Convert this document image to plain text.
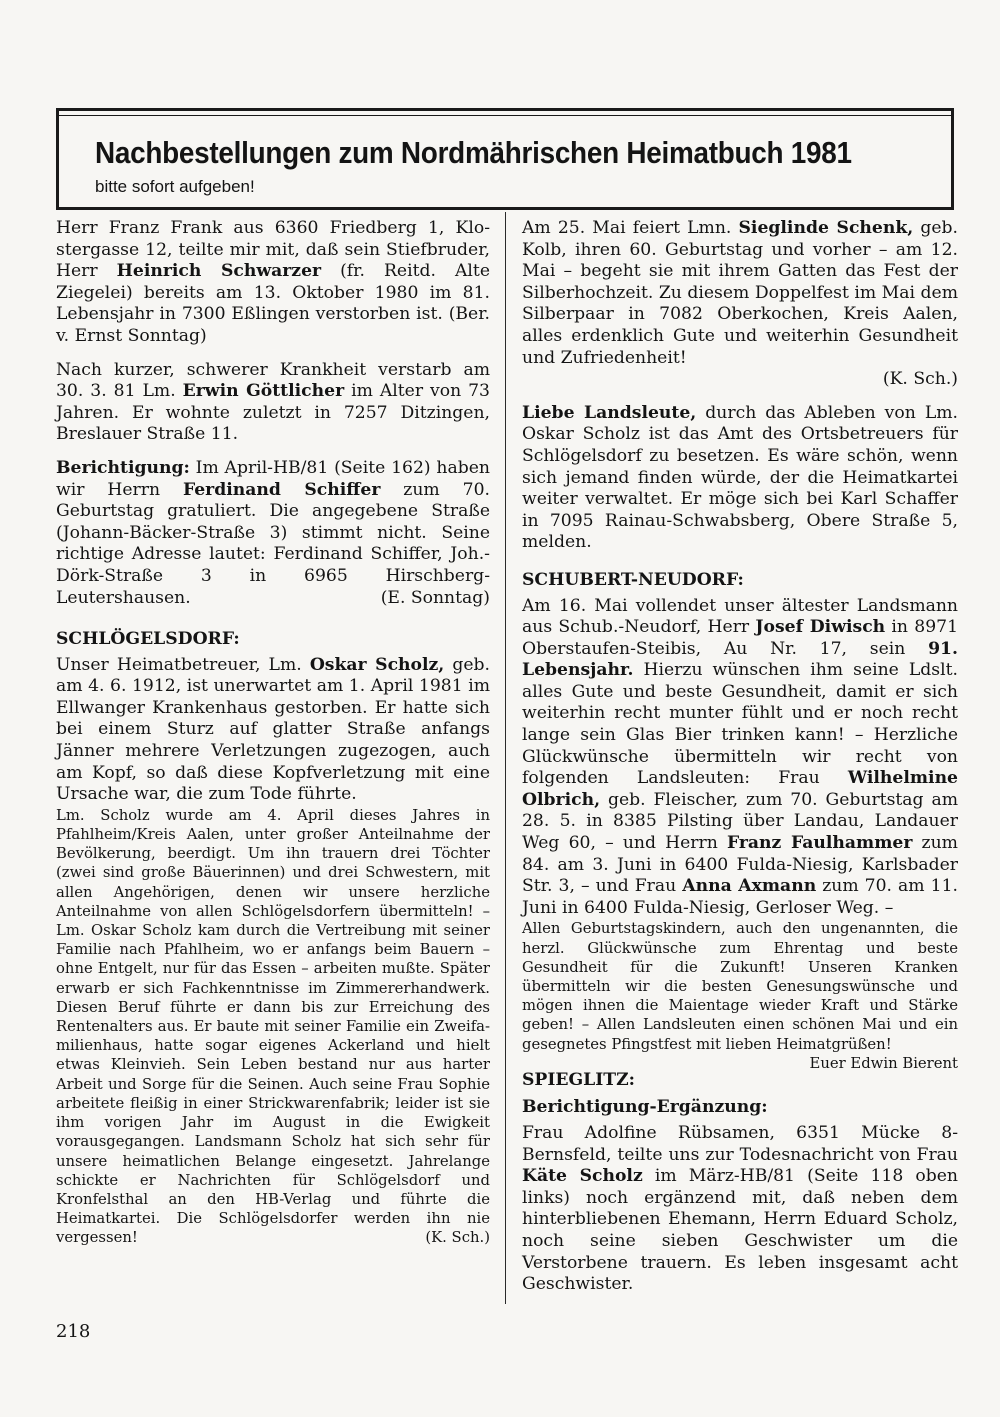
Nachbestellungen zum Nordmährischen Heimatbuch 1981
bitte sofort aufgeben!

Herr Franz Frank aus 6360 Friedberg 1, Klostergasse 12, teilte mir mit, daß sein Stiefbruder, Herr Heinrich Schwarzer (fr. Reitd. Alte Ziegelei) bereits am 13. Oktober 1980 im 81. Lebensjahr in 7300 Eßlingen verstorben ist. (Ber. v. Ernst Sonntag)

Nach kurzer, schwerer Krankheit verstarb am 30. 3. 81 Lm. Erwin Göttlicher im Alter von 73 Jahren. Er wohnte zuletzt in 7257 Ditzingen, Breslauer Straße 11.

Berichtigung: Im April-HB/81 (Seite 162) haben wir Herrn Ferdinand Schiffer zum 70. Geburtstag gratuliert. Die angegebene Straße (Johann-Bäcker-Straße 3) stimmt nicht. Seine richtige Adresse lautet: Ferdinand Schiffer, Joh.-Dörk-Straße 3 in 6965 Hirschberg-Leutershausen.	(E. Sonntag)

SCHLÖGELSDORF:

Unser Heimatbetreuer, Lm. Oskar Scholz, geb. am 4. 6. 1912, ist unerwartet am 1. April 1981 im Ellwanger Krankenhaus gestorben. Er hatte sich bei einem Sturz auf glatter Straße anfangs Jänner mehrere Verletzungen zugezogen, auch am Kopf, so daß diese Kopfverletzung mit eine Ursache war, die zum Tode führte.

Lm. Scholz wurde am 4. April dieses Jahres in Pfahlheim/Kreis Aalen, unter großer Anteilnahme der Bevölkerung, beerdigt. Um ihn trauern drei Töchter (zwei sind große Bäuerinnen) und drei Schwestern, mit allen Angehörigen, denen wir unsere herzliche Anteilnahme von allen Schlögelsdorfern übermitteln! – Lm. Oskar Scholz kam durch die Vertreibung mit seiner Familie nach Pfahlheim, wo er anfangs beim Bauern – ohne Entgelt, nur für das Essen – arbeiten mußte. Später erwarb er sich Fachkenntnisse im Zimmererhandwerk. Diesen Beruf führte er dann bis zur Erreichung des Rentenalters aus. Er baute mit seiner Familie ein Zweifamilienhaus, hatte sogar eigenes Ackerland und hielt etwas Kleinvieh. Sein Leben bestand nur aus harter Arbeit und Sorge für die Seinen. Auch seine Frau Sophie arbeitete fleißig in einer Strickwarenfabrik; leider ist sie ihm vorigen Jahr im August in die Ewigkeit vorausgegangen. Landsmann Scholz hat sich sehr für unsere heimatlichen Belange eingesetzt. Jahrelange schickte er Nachrichten für Schlögelsdorf und Kronfelsthal an den HB-Verlag und führte die Heimatkartei. Die Schlögelsdorfer werden ihn nie vergessen!	(K. Sch.)

Am 25. Mai feiert Lmn. Sieglinde Schenk, geb. Kolb, ihren 60. Geburtstag und vorher – am 12. Mai – begeht sie mit ihrem Gatten das Fest der Silberhochzeit. Zu diesem Doppelfest im Mai dem Silberpaar in 7082 Oberkochen, Kreis Aalen, alles erdenklich Gute und weiterhin Gesundheit und Zufriedenheit!

(K. Sch.)

Liebe Landsleute, durch das Ableben von Lm. Oskar Scholz ist das Amt des Ortsbetreuers für Schlögelsdorf zu besetzen. Es wäre schön, wenn sich jemand finden würde, der die Heimatkartei weiter verwaltet. Er möge sich bei Karl Schaffer in 7095 Rainau-Schwabsberg, Obere Straße 5, melden.

SCHUBERT-NEUDORF:

Am 16. Mai vollendet unser ältester Landsmann aus Schub.-Neudorf, Herr Josef Diwisch in 8971 Oberstaufen-Steibis, Au Nr. 17, sein 91. Lebensjahr. Hierzu wünschen ihm seine Ldslt. alles Gute und beste Gesundheit, damit er sich weiterhin recht munter fühlt und er noch recht lange sein Glas Bier trinken kann! – Herzliche Glückwünsche übermitteln wir recht von folgenden Landsleuten: Frau Wilhelmine Olbrich, geb. Fleischer, zum 70. Geburtstag am 28. 5. in 8385 Pilsting über Landau, Landauer Weg 60, – und Herrn Franz Faulhammer zum 84. am 3. Juni in 6400 Fulda-Niesig, Karlsbader Str. 3, – und Frau Anna Axmann zum 70. am 11. Juni in 6400 Fulda-Niesig, Gerloser Weg. –

Allen Geburtstagskindern, auch den ungenannten, die herzl. Glückwünsche zum Ehrentag und beste Gesundheit für die Zukunft! Unseren Kranken übermitteln wir die besten Genesungswünsche und mögen ihnen die Maientage wieder Kraft und Stärke geben! – Allen Landsleuten einen schönen Mai und ein gesegnetes Pfingstfest mit lieben Heimatgrüßen!
Euer Edwin Bierent

SPIEGLITZ:
Berichtigung-Ergänzung:

Frau Adolfine Rübsamen, 6351 Mücke 8-Bernsfeld, teilte uns zur Todesnachricht von Frau Käte Scholz im März-HB/81 (Seite 118 oben links) noch ergänzend mit, daß neben dem hinterbliebenen Ehemann, Herrn Eduard Scholz, noch seine sieben Geschwister um die Verstorbene trauern. Es leben insgesamt acht Geschwister.

218
